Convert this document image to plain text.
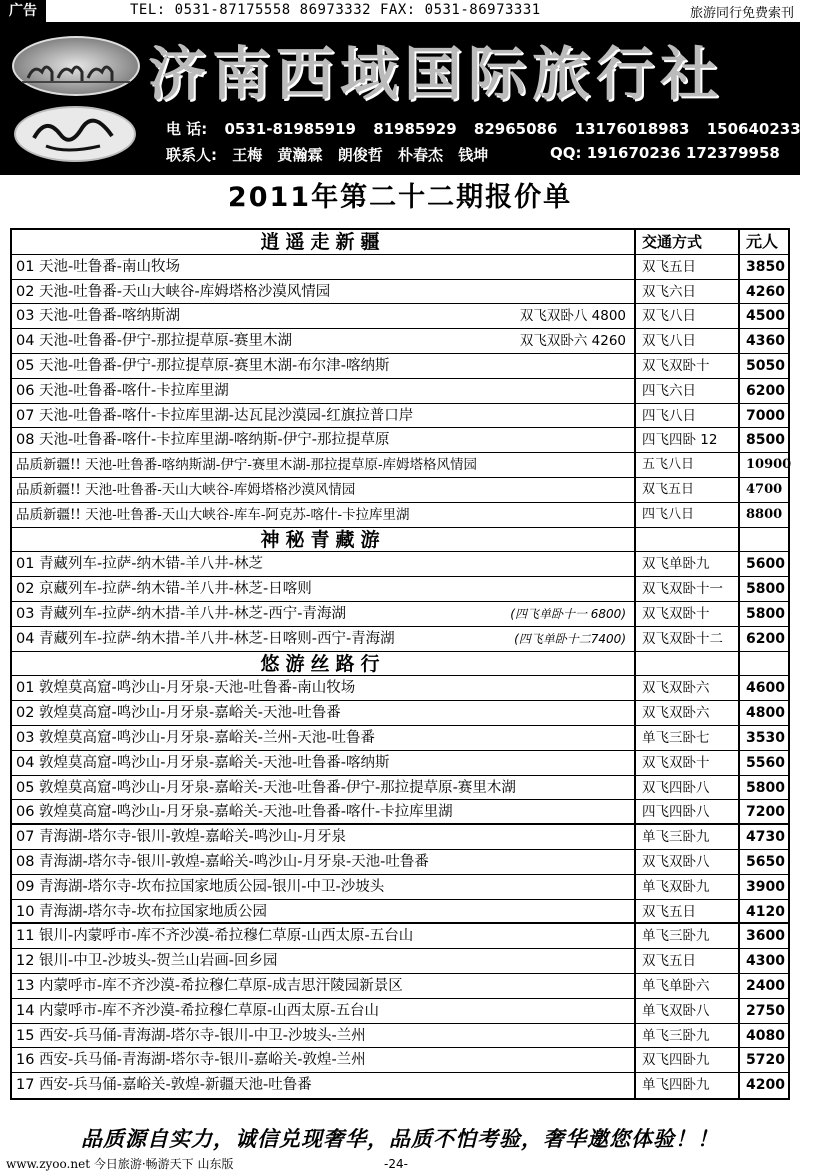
广告	TEL: 0531-87175558 86973332 FAX: 0531-86973331	旅游同行免费索刊
济南西域国际旅行社
电 话: 0531-81985919 81985929 82965086 13176018983 15064023311
联系人: 王梅 黄瀚霖 朗俊哲 朴春杰 钱坤	QQ: 191670236 172379958
2011年第二十二期报价单
逍遥走新疆	交通方式	元人
01 天池-吐鲁番-南山牧场	双飞五日	3850
02 天池-吐鲁番-天山大峡谷-库姆塔格沙漠风情园	双飞六日	4260
03 天池-吐鲁番-喀纳斯湖	双飞双卧八 4800	双飞八日	4500
04 天池-吐鲁番-伊宁-那拉提草原-赛里木湖	双飞双卧六 4260	双飞八日	4360
05 天池-吐鲁番-伊宁-那拉提草原-赛里木湖-布尔津-喀纳斯	双飞双卧十	5050
06 天池-吐鲁番-喀什-卡拉库里湖	四飞六日	6200
07 天池-吐鲁番-喀什-卡拉库里湖-达瓦昆沙漠园-红旗拉普口岸	四飞八日	7000
08 天池-吐鲁番-喀什-卡拉库里湖-喀纳斯-伊宁-那拉提草原	四飞四卧 12	8500
品质新疆!! 天池-吐鲁番-喀纳斯湖-伊宁-赛里木湖-那拉提草原-库姆塔格风情园	五飞八日	10900
品质新疆!! 天池-吐鲁番-天山大峡谷-库姆塔格沙漠风情园	双飞五日	4700
品质新疆!! 天池-吐鲁番-天山大峡谷-库车-阿克苏-喀什-卡拉库里湖	四飞八日	8800
神秘青藏游
01 青藏列车-拉萨-纳木错-羊八井-林芝	双飞单卧九	5600
02 京藏列车-拉萨-纳木错-羊八井-林芝-日喀则	双飞双卧十一	5800
03 青藏列车-拉萨-纳木措-羊八井-林芝-西宁-青海湖	(四飞单卧十一 6800)	双飞双卧十	5800
04 青藏列车-拉萨-纳木措-羊八井-林芝-日喀则-西宁-青海湖	(四飞单卧十二7400)	双飞双卧十二	6200
悠游丝路行
01 敦煌莫高窟-鸣沙山-月牙泉-天池-吐鲁番-南山牧场	双飞双卧六	4600
02 敦煌莫高窟-鸣沙山-月牙泉-嘉峪关-天池-吐鲁番	双飞双卧六	4800
03 敦煌莫高窟-鸣沙山-月牙泉-嘉峪关-兰州-天池-吐鲁番	单飞三卧七	3530
04 敦煌莫高窟-鸣沙山-月牙泉-嘉峪关-天池-吐鲁番-喀纳斯	双飞双卧十	5560
05 敦煌莫高窟-鸣沙山-月牙泉-嘉峪关-天池-吐鲁番-伊宁-那拉提草原-赛里木湖	双飞四卧八	5800
06 敦煌莫高窟-鸣沙山-月牙泉-嘉峪关-天池-吐鲁番-喀什-卡拉库里湖	四飞四卧八	7200
07 青海湖-塔尔寺-银川-敦煌-嘉峪关-鸣沙山-月牙泉	单飞三卧九	4730
08 青海湖-塔尔寺-银川-敦煌-嘉峪关-鸣沙山-月牙泉-天池-吐鲁番	双飞双卧八	5650
09 青海湖-塔尔寺-坎布拉国家地质公园-银川-中卫-沙坡头	单飞双卧九	3900
10 青海湖-塔尔寺-坎布拉国家地质公园	双飞五日	4120
11 银川-内蒙呼市-库不齐沙漠-希拉穆仁草原-山西太原-五台山	单飞三卧九	3600
12 银川-中卫-沙坡头-贺兰山岩画-回乡园	双飞五日	4300
13 内蒙呼市-库不齐沙漠-希拉穆仁草原-成吉思汗陵园新景区	单飞单卧六	2400
14 内蒙呼市-库不齐沙漠-希拉穆仁草原-山西太原-五台山	单飞双卧八	2750
15 西安-兵马俑-青海湖-塔尔寺-银川-中卫-沙坡头-兰州	单飞三卧九	4080
16 西安-兵马俑-青海湖-塔尔寺-银川-嘉峪关-敦煌-兰州	双飞四卧九	5720
17 西安-兵马俑-嘉峪关-敦煌-新疆天池-吐鲁番	单飞四卧九	4200
品质源自实力，诚信兑现奢华，品质不怕考验，奢华邀您体验！！
www.zyoo.net 今日旅游·畅游天下 山东版	-24-
